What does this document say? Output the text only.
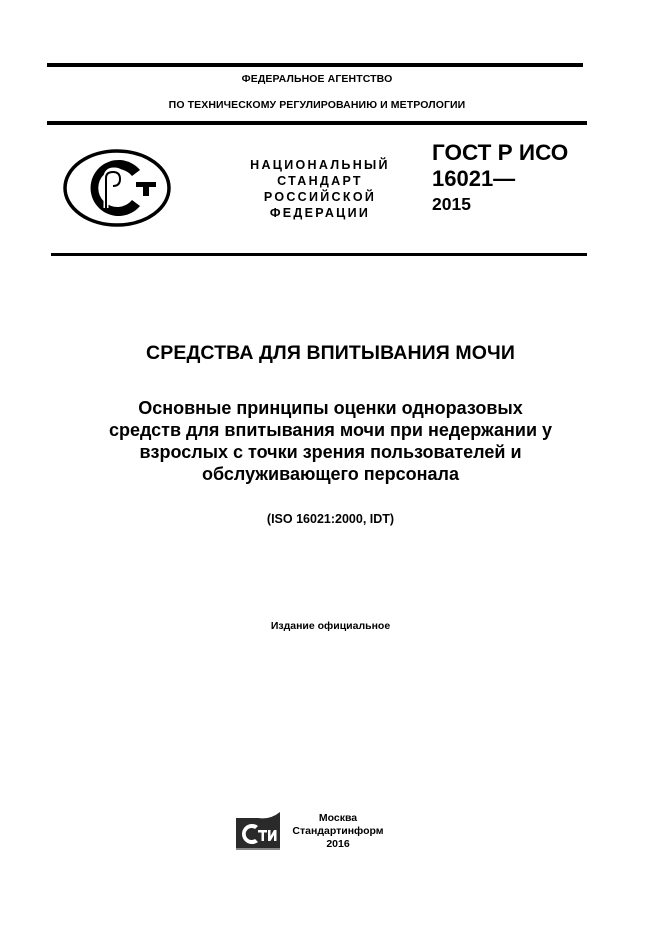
ФЕДЕРАЛЬНОЕ АГЕНТСТВО
ПО ТЕХНИЧЕСКОМУ РЕГУЛИРОВАНИЮ И МЕТРОЛОГИИ
НАЦИОНАЛЬНЫЙ
СТАНДАРТ
РОССИЙСКОЙ
ФЕДЕРАЦИИ
ГОСТ Р ИСО
16021—
2015
СРЕДСТВА ДЛЯ ВПИТЫВАНИЯ МОЧИ
Основные принципы оценки одноразовых
средств для впитывания мочи при недержании у
взрослых с точки зрения пользователей и
обслуживающего персонала
(ISO 16021:2000, IDT)
Издание официальное
Москва
Стандартинформ
2016
